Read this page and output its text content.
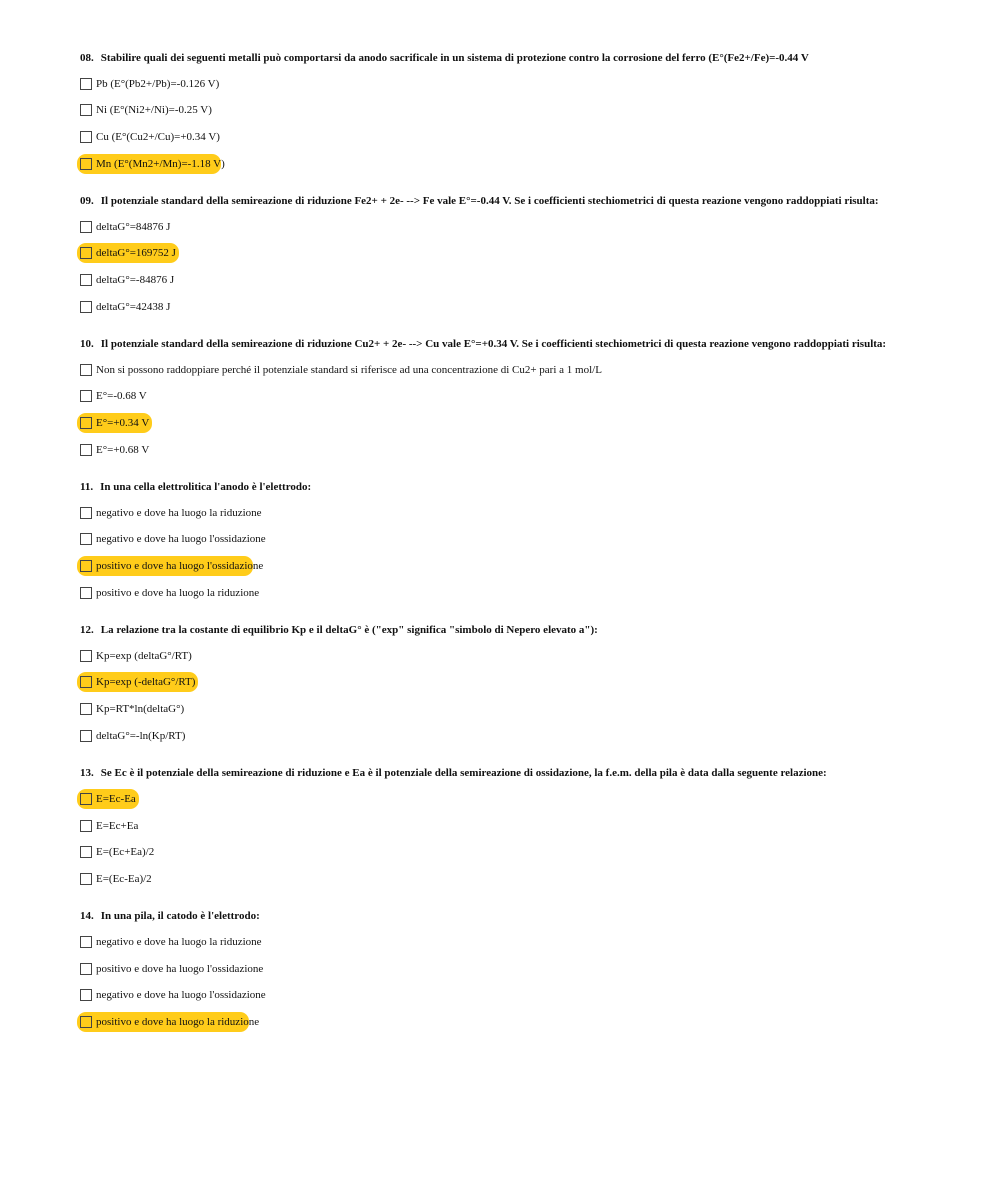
08. Stabilire quali dei seguenti metalli può comportarsi da anodo sacrificale in un sistema di protezione contro la corrosione del ferro (E°(Fe2+/Fe)=-0.44 V
Pb (E°(Pb2+/Pb)=-0.126 V)
Ni (E°(Ni2+/Ni)=-0.25 V)
Cu (E°(Cu2+/Cu)=+0.34 V)
Mn (E°(Mn2+/Mn)=-1.18 V)
09. Il potenziale standard della semireazione di riduzione Fe2+ + 2e- --> Fe vale E°=-0.44 V. Se i coefficienti stechiometrici di questa reazione vengono raddoppiati risulta:
deltaG°=84876 J
deltaG°=169752 J
deltaG°=-84876 J
deltaG°=42438 J
10. Il potenziale standard della semireazione di riduzione Cu2+ + 2e- --> Cu vale E°=+0.34 V. Se i coefficienti stechiometrici di questa reazione vengono raddoppiati risulta:
Non si possono raddoppiare perché il potenziale standard si riferisce ad una concentrazione di Cu2+ pari a 1 mol/L
E°=-0.68 V
E°=+0.34 V
E°=+0.68 V
11. In una cella elettrolitica l'anodo è l'elettrodo:
negativo e dove ha luogo la riduzione
negativo e dove ha luogo l'ossidazione
positivo e dove ha luogo l'ossidazione
positivo e dove ha luogo la riduzione
12. La relazione tra la costante di equilibrio Kp e il deltaG° è ("exp" significa "simbolo di Nepero elevato a"):
Kp=exp (deltaG°/RT)
Kp=exp (-deltaG°/RT)
Kp=RT*ln(deltaG°)
deltaG°=-ln(Kp/RT)
13. Se Ec è il potenziale della semireazione di riduzione e Ea è il potenziale della semireazione di ossidazione, la f.e.m. della pila è data dalla seguente relazione:
E=Ec-Ea
E=Ec+Ea
E=(Ec+Ea)/2
E=(Ec-Ea)/2
14. In una pila, il catodo è l'elettrodo:
negativo e dove ha luogo la riduzione
positivo e dove ha luogo l'ossidazione
negativo e dove ha luogo l'ossidazione
positivo e dove ha luogo la riduzione
